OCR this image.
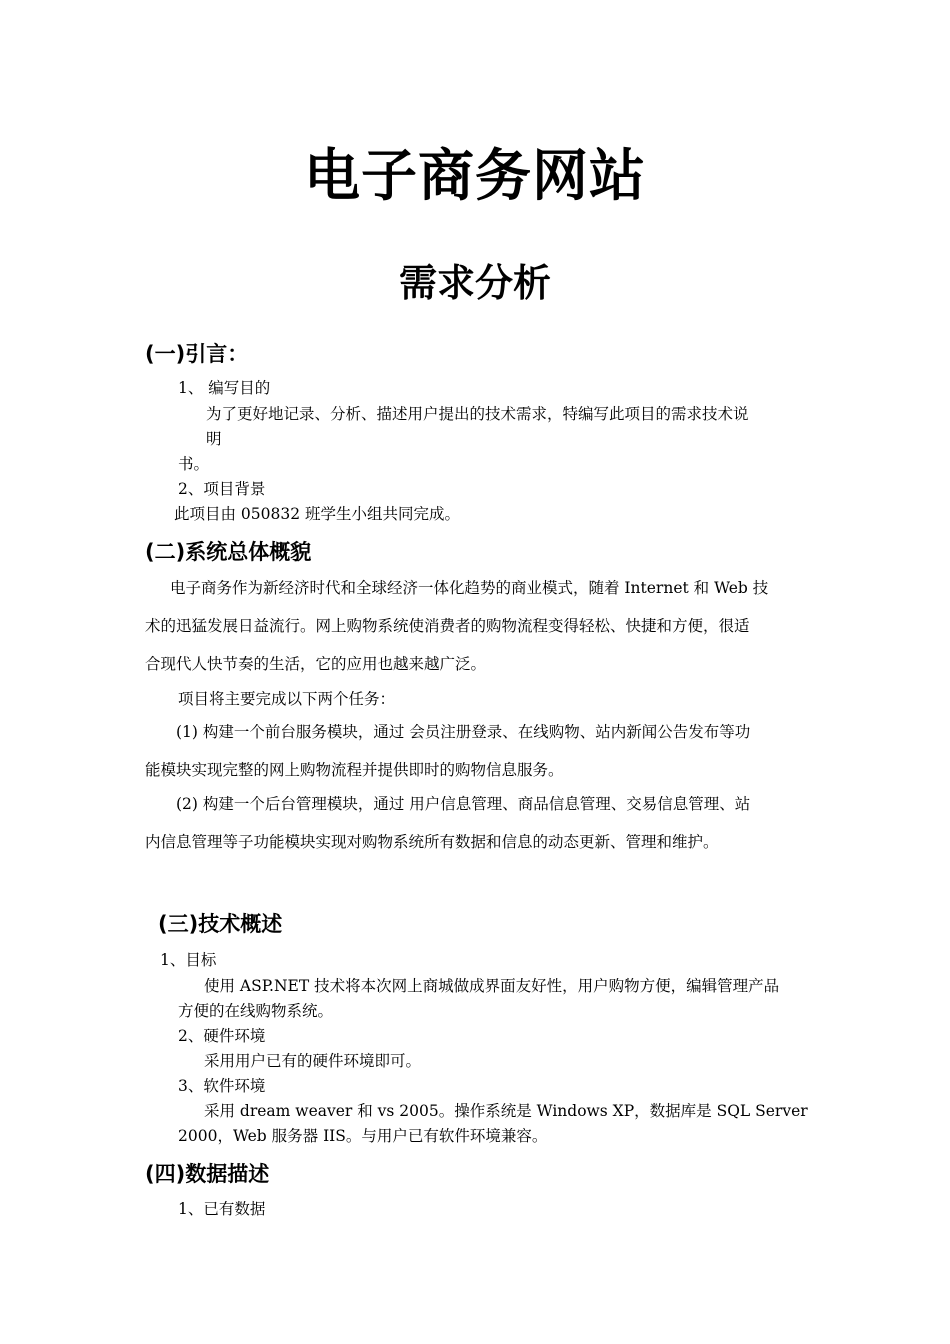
电子商务网站
需求分析
(一)引言：
1、 编写目的
为了更好地记录、分析、描述用户提出的技术需求，特编写此项目的需求技术说
明
书。
2、项目背景
此项目由 050832 班学生小组共同完成。
(二)系统总体概貌
电子商务作为新经济时代和全球经济一体化趋势的商业模式，随着 Internet 和 Web 技
术的迅猛发展日益流行。网上购物系统使消费者的购物流程变得轻松、快捷和方便，很适
合现代人快节奏的生活，它的应用也越来越广泛。
项目将主要完成以下两个任务：
(1) 构建一个前台服务模块，通过 会员注册登录、在线购物、站内新闻公告发布等功
能模块实现完整的网上购物流程并提供即时的购物信息服务。
(2) 构建一个后台管理模块，通过 用户信息管理、商品信息管理、交易信息管理、站
内信息管理等子功能模块实现对购物系统所有数据和信息的动态更新、管理和维护。
(三)技术概述
1、目标
使用 ASP.NET 技术将本次网上商城做成界面友好性，用户购物方便，编辑管理产品
方便的在线购物系统。
2、硬件环境
采用用户已有的硬件环境即可。
3、软件环境
采用 dream weaver 和 vs 2005。操作系统是 Windows XP，数据库是 SQL Server
2000，Web 服务器 IIS。与用户已有软件环境兼容。
(四)数据描述
1、已有数据
